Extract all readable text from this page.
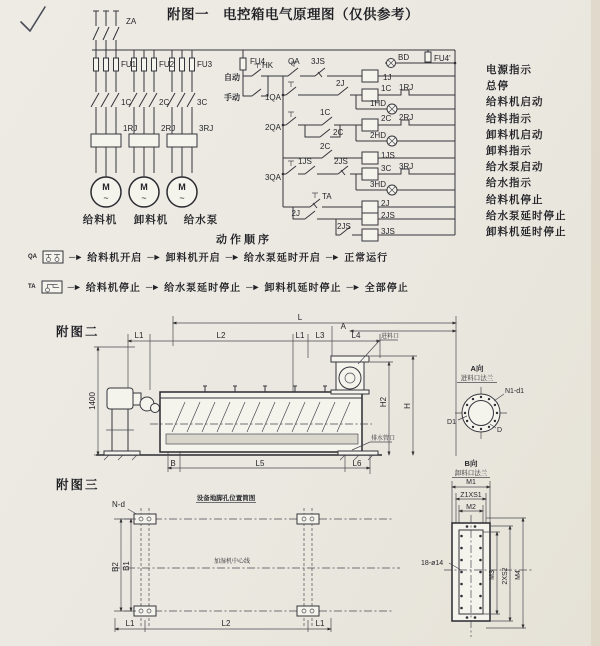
附图一　电控箱电气原理图（仅供参考）
电源指示
总停
给料机启动
给料指示
卸料机启动
卸料指示
给水泵启动
给水指示
给料机停止
给水泵延时停止
卸料机延时停止
动作顺序
QA	─► 给料机开启 ─► 卸料机开启 ─► 给水泵延时开启 ─► 正常运行
TA	─► 给料机停止 ─► 给水泵延时停止 ─► 卸料机延时停止 ─► 全部停止
附图二
附图三
ZA
M
~
M
~
M
~
FU1	FU2	FU3
1C	2C	3C
1RJ	2RJ	3RJ
给料机 卸料机 给水泵
FU4
HK
自动
手动
QA 3JS
1J
BD	FU4'
1QA
2J
1C 1RJ
1HD
2QA
1C
2C
2C 2RJ
2HD
2C
1JS
3QA
1JS	2JS
3C 3RJ
3HD
TA
2J
2J	2JS
2JS
3JS
L
A
L1	L2	L1 L3	L4
1400	H2 H
B	L5	L6
进料口
排水管口
A向
进料口法兰
N1-d1
D1
D
B向
卸料口法兰
M1
Z1XS1
M2
18-ø14
M3 2XS2 M4
设备地脚孔位置简图
N-d
加湿机中心线
B2 B1
L1	L2	L1
